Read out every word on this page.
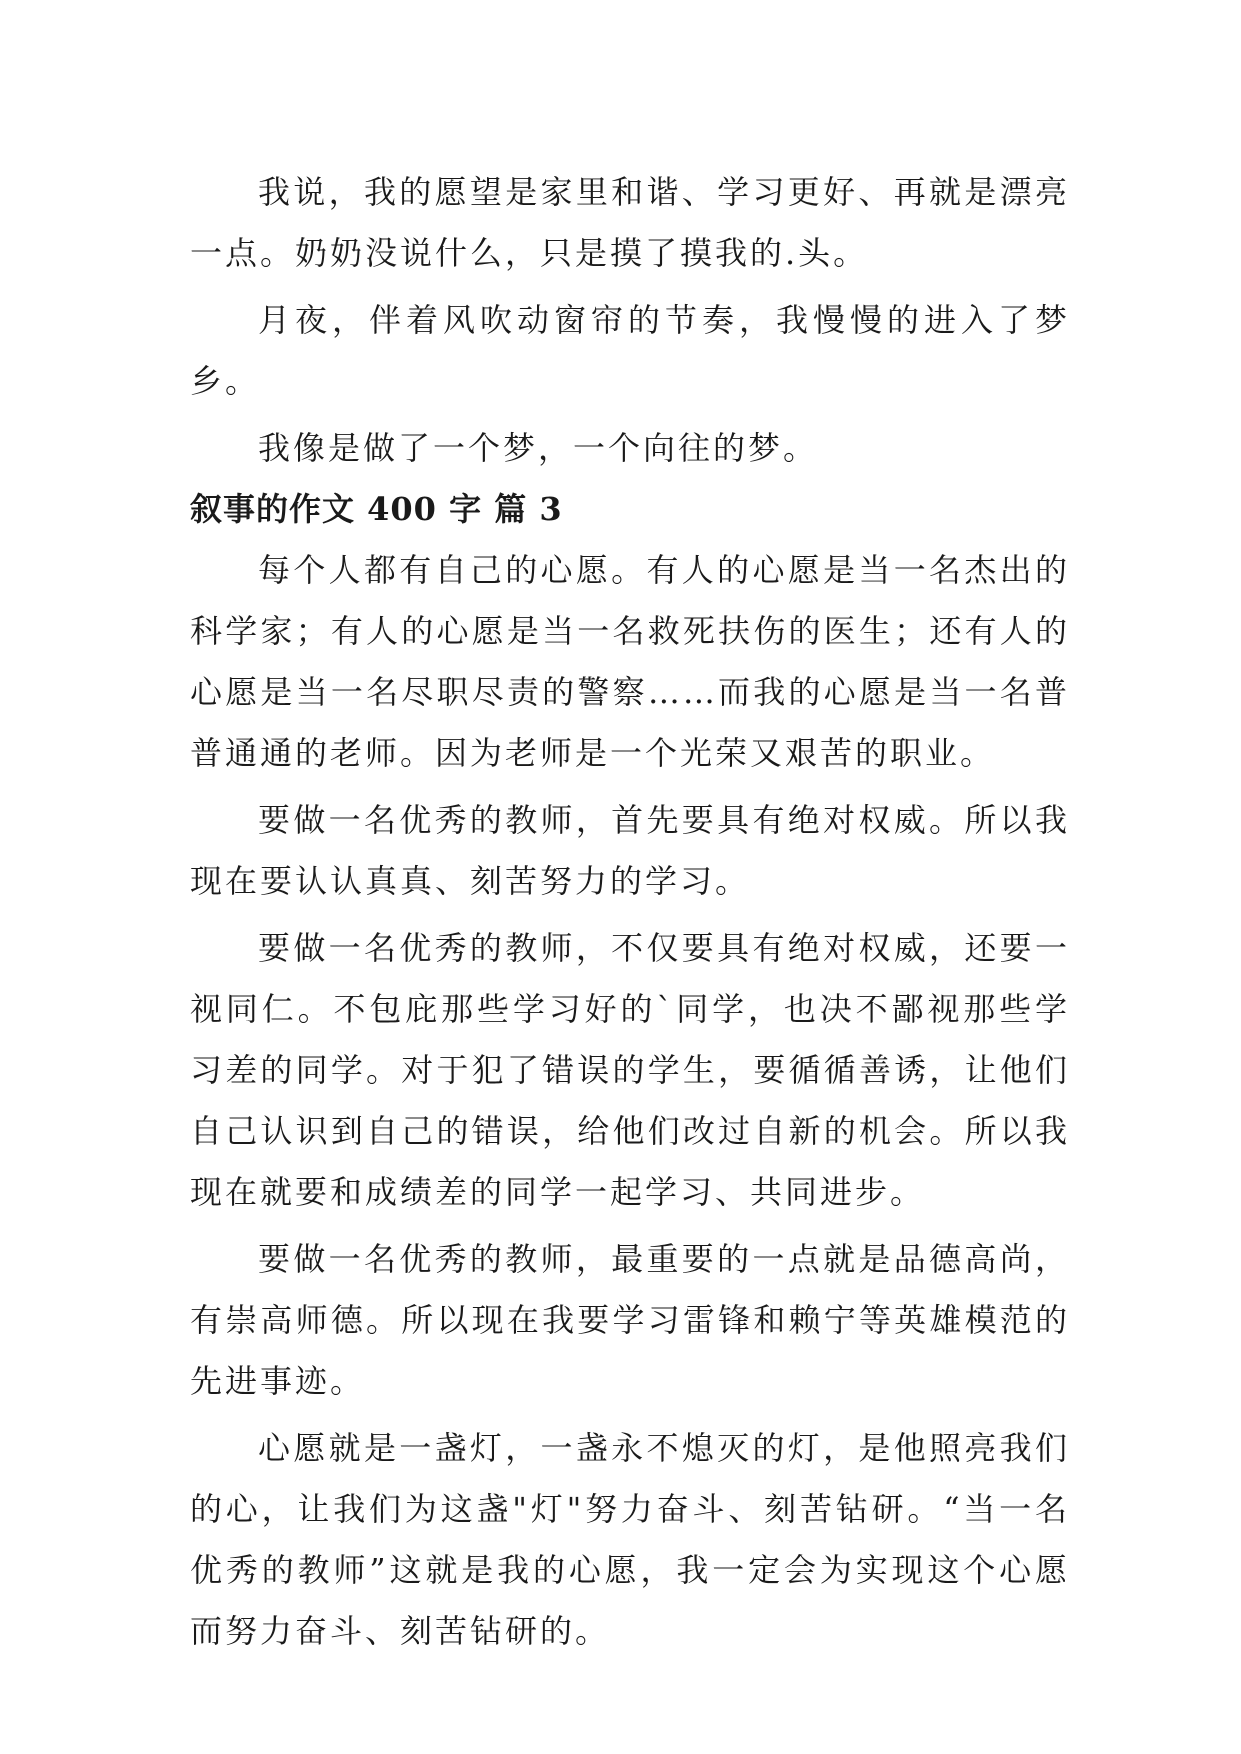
我说，我的愿望是家里和谐、学习更好、再就是漂亮一点。奶奶没说什么，只是摸了摸我的.头。

月夜，伴着风吹动窗帘的节奏，我慢慢的进入了梦乡。

我像是做了一个梦，一个向往的梦。

叙事的作文 400 字 篇 3

每个人都有自己的心愿。有人的心愿是当一名杰出的科学家；有人的心愿是当一名救死扶伤的医生；还有人的心愿是当一名尽职尽责的警察……而我的心愿是当一名普普通通的老师。因为老师是一个光荣又艰苦的职业。

要做一名优秀的教师，首先要具有绝对权威。所以我现在要认认真真、刻苦努力的学习。

要做一名优秀的教师，不仅要具有绝对权威，还要一视同仁。不包庇那些学习好的`同学，也决不鄙视那些学习差的同学。对于犯了错误的学生，要循循善诱，让他们自己认识到自己的错误，给他们改过自新的机会。所以我现在就要和成绩差的同学一起学习、共同进步。

要做一名优秀的教师，最重要的一点就是品德高尚，有崇高师德。所以现在我要学习雷锋和赖宁等英雄模范的先进事迹。

心愿就是一盏灯，一盏永不熄灭的灯，是他照亮我们的心，让我们为这盏"灯"努力奋斗、刻苦钻研。“当一名优秀的教师”这就是我的心愿，我一定会为实现这个心愿而努力奋斗、刻苦钻研的。
